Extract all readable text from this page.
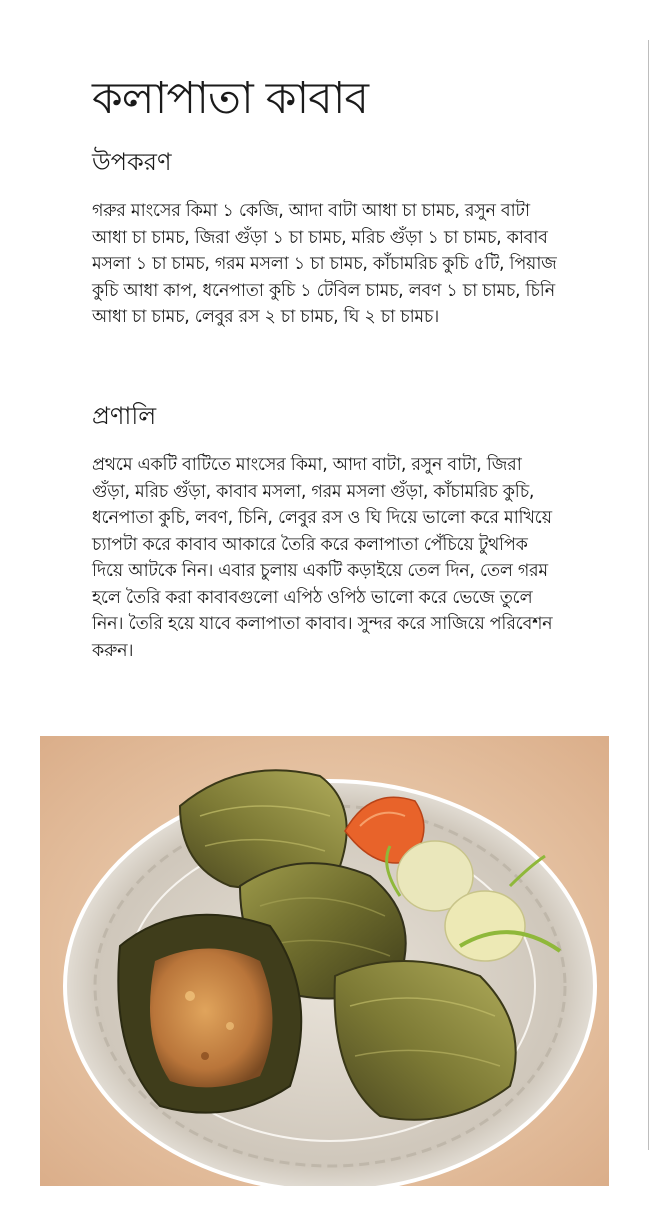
কলাপাতা কাবাব
উপকরণ

গরুর মাংসের কিমা ১ কেজি, আদা বাটা আধা চা চামচ, রসুন বাটা আধা চা চামচ, জিরা গুঁড়া ১ চা চামচ, মরিচ গুঁড়া ১ চা চামচ, কাবাব মসলা ১ চা চামচ, গরম মসলা ১ চা চামচ, কাঁচামরিচ কুচি ৫টি, পিয়াজ কুচি আধা কাপ, ধনেপাতা কুচি ১ টেবিল চামচ, লবণ ১ চা চামচ, চিনি আধা চা চামচ, লেবুর রস ২ চা চামচ, ঘি ২ চা চামচ।

প্রণালি

প্রথমে একটি বাটিতে মাংসের কিমা, আদা বাটা, রসুন বাটা, জিরা গুঁড়া, মরিচ গুঁড়া, কাবাব মসলা, গরম মসলা গুঁড়া, কাঁচামরিচ কুচি, ধনেপাতা কুচি, লবণ, চিনি, লেবুর রস ও ঘি দিয়ে ভালো করে মাখিয়ে চ্যাপটা করে কাবাব আকারে তৈরি করে কলাপাতা পেঁচিয়ে টুথপিক দিয়ে আটকে নিন। এবার চুলায় একটি কড়াইয়ে তেল দিন, তেল গরম হলে তৈরি করা কাবাবগুলো এপিঠ ওপিঠ ভালো করে ভেজে তুলে নিন। তৈরি হয়ে যাবে কলাপাতা কাবাব। সুন্দর করে সাজিয়ে পরিবেশন করুন।
